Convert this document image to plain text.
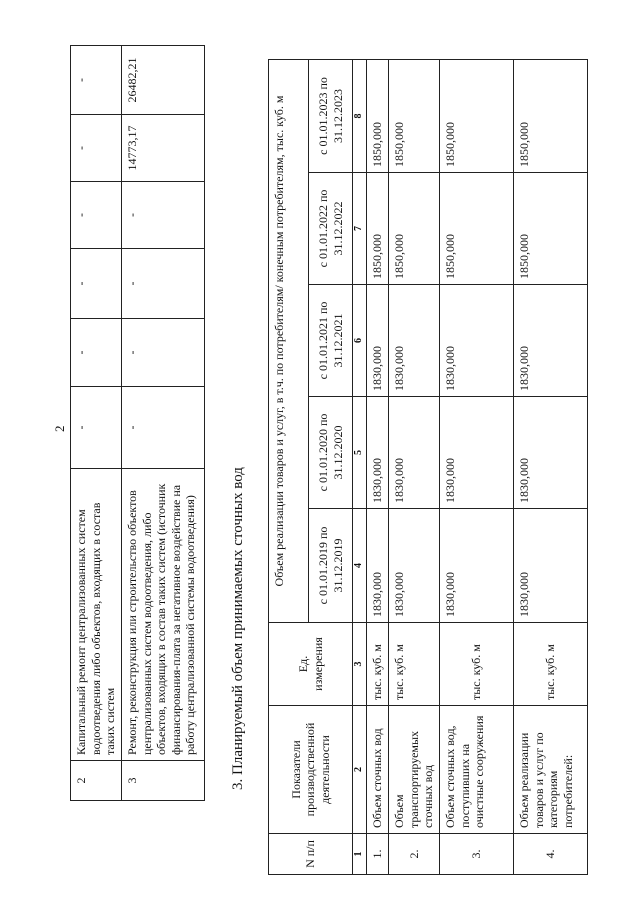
2
2	Капитальный ремонт централизованных систем водоотведения либо объектов, входящих в состав таких систем	-	-	-	-	-	-
3	Ремонт, реконструкция или строительство объектов централизованных систем водоотведения, либо объектов, входящих в состав таких систем (источник финансирования-плата за негативное воздействие на работу централизованной системы водоотведения)	-	-	-	-	14773,17	26482,21
3. Планируемый объем принимаемых сточных вод
N п/п	Показатели производственной деятельности	Ед. измерения	Объем реализации товаров и услуг, в т.ч. по потребителям/ конечным потребителям, тыс. куб. м				
			с 01.01.2019 по 31.12.2019	с 01.01.2020 по 31.12.2020	с 01.01.2021 по 31.12.2021	с 01.01.2022 по 31.12.2022	с 01.01.2023 по 31.12.2023
1	2	3	4	5	6	7	8
1.	Объем сточных вод	тыс. куб. м	1830,000	1830,000	1830,000	1850,000	1850,000
2.	Объем транспортируемых сточных вод	тыс. куб. м	1830,000	1830,000	1830,000	1850,000	1850,000
3.	Объем сточных вод, поступивших на очистные сооружения	тыс. куб. м	1830,000	1830,000	1830,000	1850,000	1850,000
4.	Объем реализации товаров и услуг по категориям потребителей:	тыс. куб. м	1830,000	1830,000	1830,000	1850,000	1850,000
